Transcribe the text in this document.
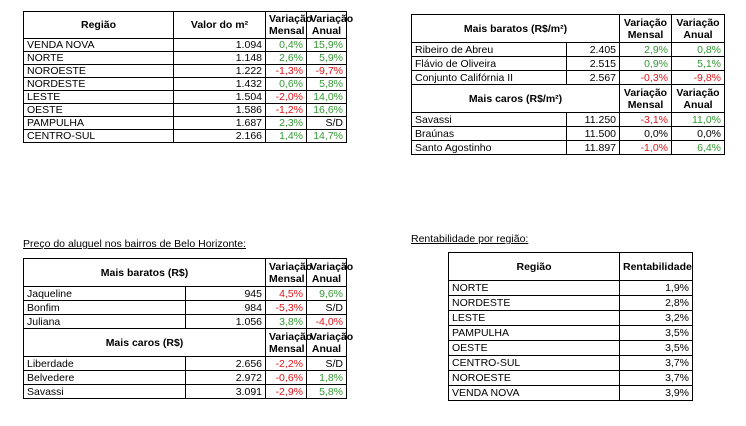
Região	Valor do m²	Variação Mensal	Variação Anual
VENDA NOVA	1.094	0,4%	15,9%
NORTE	1.148	2,6%	5,9%
NOROESTE	1.222	-1,3%	-9,7%
NORDESTE	1.432	0,6%	5,8%
LESTE	1.504	-2,0%	14,0%
OESTE	1.586	-1,2%	16,6%
PAMPULHA	1.687	2,3%	S/D
CENTRO-SUL	2.166	1,4%	14,7%
Mais baratos (R$/m²)		Variação Mensal	Variação Anual
Ribeiro de Abreu	2.405	2,9%	0,8%
Flávio de Oliveira	2.515	0,9%	5,1%
Conjunto Califórnia II	2.567	-0,3%	-9,8%
Mais caros (R$/m²)		Variação Mensal	Variação Anual
Savassi	11.250	-3,1%	11,0%
Braúnas	11.500	0,0%	0,0%
Santo Agostinho	11.897	-1,0%	6,4%
Preço do aluguel nos bairros de Belo Horizonte:
Mais baratos (R$)		Variação Mensal	Variação Anual
Jaqueline	945	4,5%	9,6%
Bonfim	984	-5,3%	S/D
Juliana	1.056	3,8%	-4,0%
Mais caros (R$)		Variação Mensal	Variação Anual
Liberdade	2.656	-2,2%	S/D
Belvedere	2.972	-0,6%	1,8%
Savassi	3.091	-2,9%	5,8%
Rentabilidade por região:
Região	Rentabilidade
NORTE	1,9%
NORDESTE	2,8%
LESTE	3,2%
PAMPULHA	3,5%
OESTE	3,5%
CENTRO-SUL	3,7%
NOROESTE	3,7%
VENDA NOVA	3,9%
